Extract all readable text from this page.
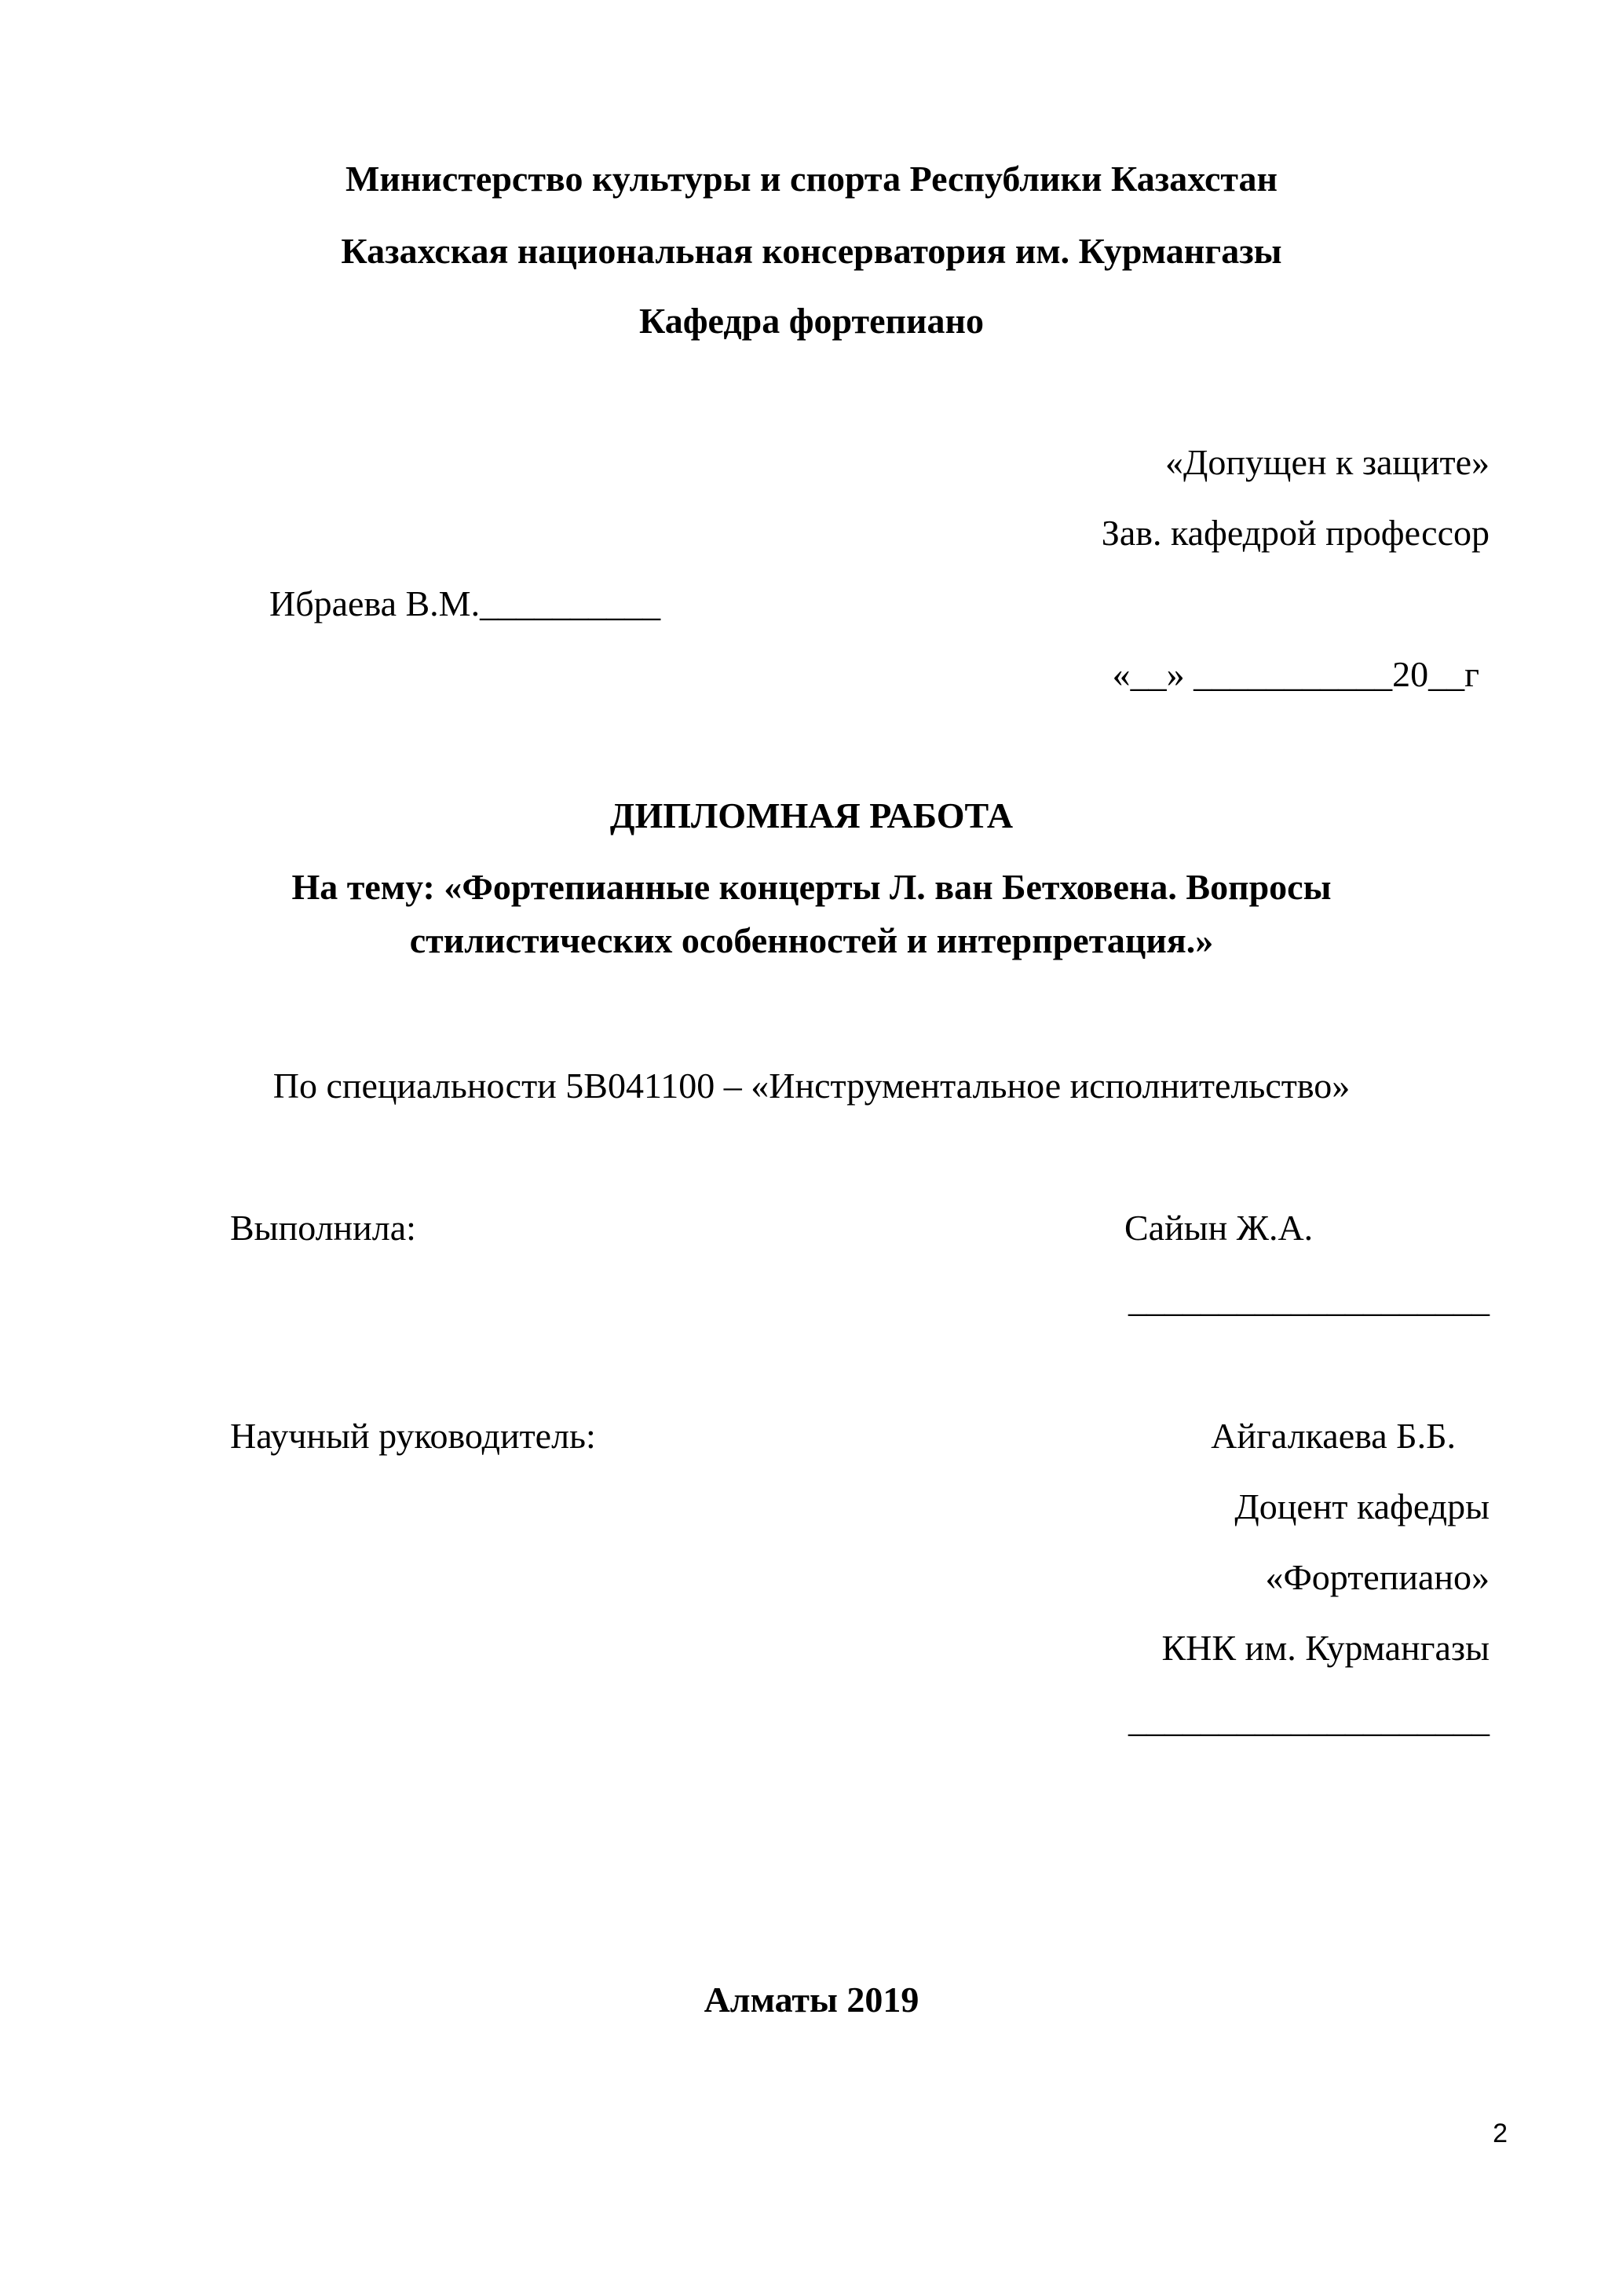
Министерство культуры и спорта Республики Казахстан
Казахская национальная консерватория им. Курмангазы
Кафедра фортепиано
«Допущен к защите»
Зав. кафедрой профессор
Ибраева В.М.__________
«__» ___________20__г
ДИПЛОМНАЯ РАБОТА
На тему: «Фортепианные концерты Л. ван Бетховена. Вопросы
стилистических особенностей и интерпретация.»
По специальности 5В041100 – «Инструментальное исполнительство»
Выполнила:	Сайын Ж.А.
____________________
Научный руководитель:	Айгалкаева Б.Б.
Доцент кафедры
«Фортепиано»
КНК им. Курмангазы
____________________
Алматы 2019
2
